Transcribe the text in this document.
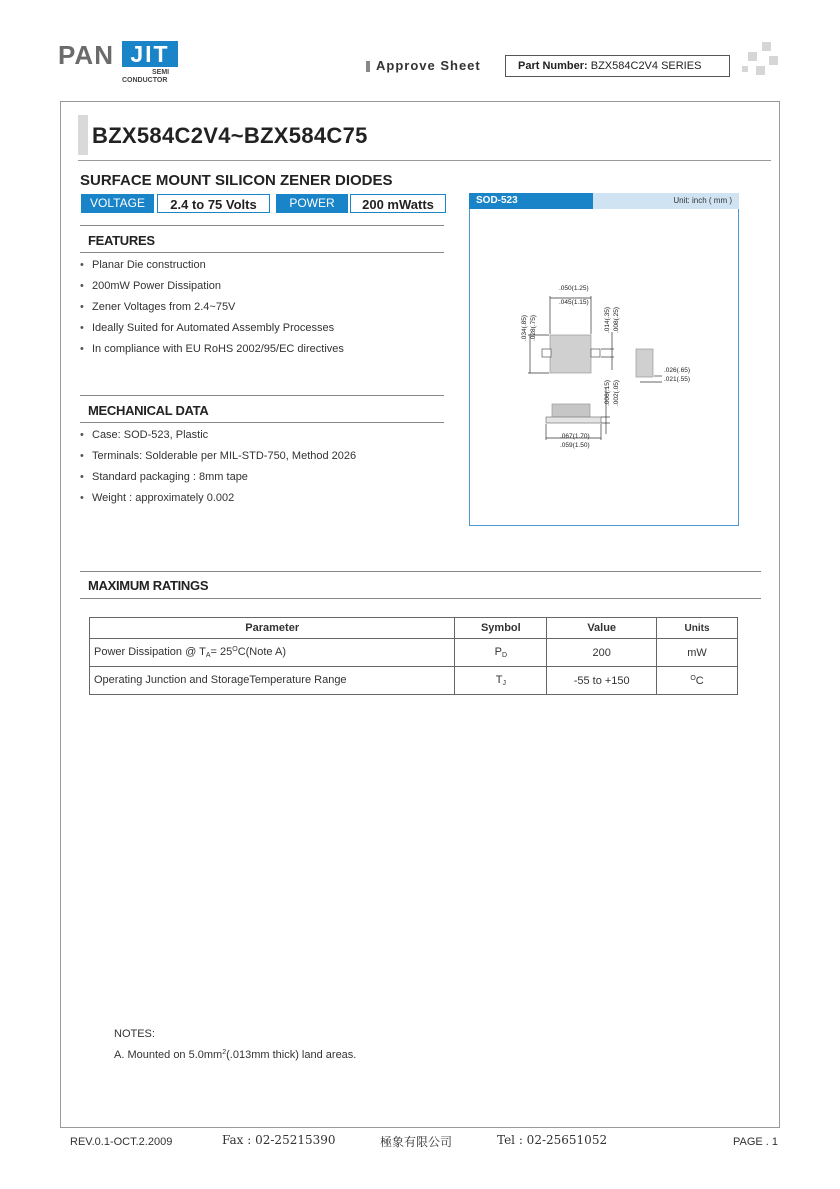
PAN JIT
SEMI
CONDUCTOR
Approve Sheet	Part Number: BZX584C2V4 SERIES
BZX584C2V4~BZX584C75
SURFACE MOUNT SILICON ZENER DIODES
VOLTAGE	2.4 to 75 Volts	POWER	200 mWatts
FEATURES
• Planar Die construction
• 200mW Power Dissipation
• Zener Voltages from 2.4~75V
• Ideally Suited for Automated Assembly Processes
• In compliance with EU RoHS 2002/95/EC directives
MECHANICAL DATA
• Case: SOD-523, Plastic
• Terminals: Solderable per MIL-STD-750, Method 2026
• Standard packaging : 8mm tape
• Weight : approximately 0.002
SOD-523	Unit: inch ( mm )
.050(1.25)
.045(1.15)
.034(.85) .028(.75)	.014(.35) .008(.25)
.026(.65)
.021(.55)
.006(.15) .002(.05)
.067(1.70)
.059(1.50)
MAXIMUM RATINGS
Parameter	Symbol	Value	Units
Power Dissipation @ $T_A=$ $25^OC(Note$ A)	$P_D$	200	mW
Operating Junction and StorageTemperature Range	$T_J$	-55 to +150	$^O$C
NOTES:
A. Mounted on $5.0mm^2(.013mm$ thick) land areas.
REV.0.1-OCT.2.2009	Fax : 02-25215390	極象有限公司	Tel : 02-25651052	PAGE . 1
